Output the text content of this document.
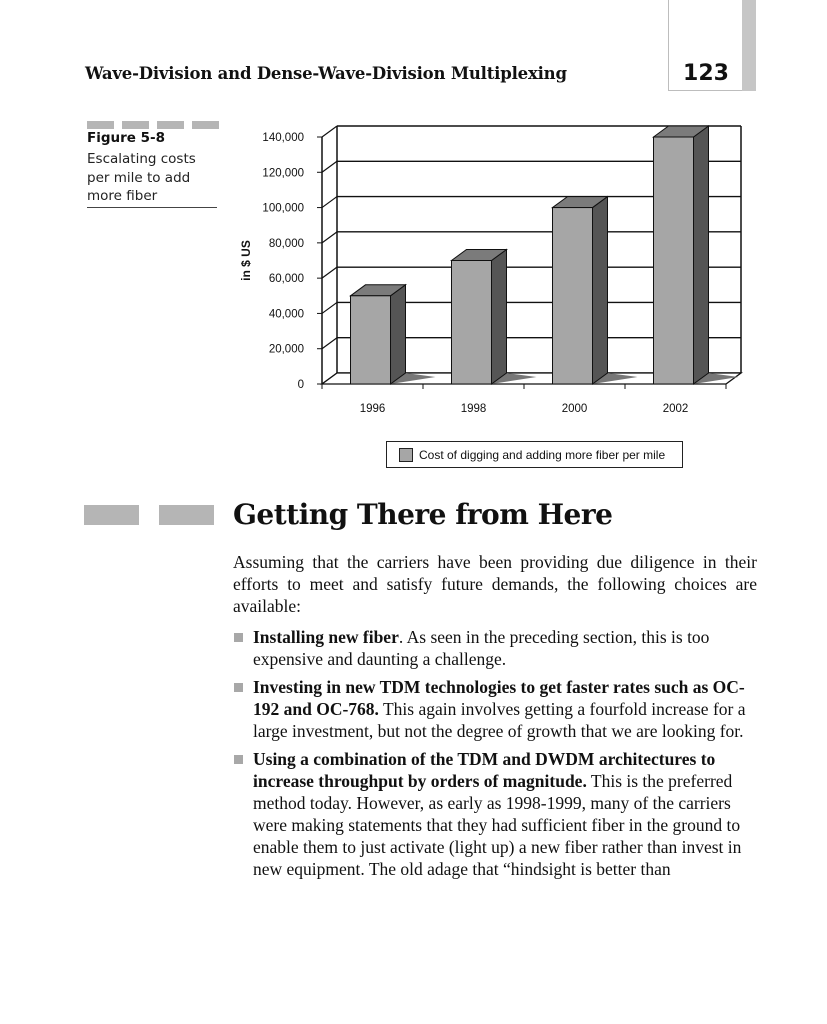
Wave-Division and Dense-Wave-Division Multiplexing	123
Figure 5-8
Escalating costs per mile to add more fiber
0
20,000
40,000
60,000
80,000
100,000
120,000
140,000
in $ US
1996	1998	2000	2002
Cost of digging and adding more fiber per mile
Getting There from Here

Assuming that the carriers have been providing due diligence in their efforts to meet and satisfy future demands, the following choices are available:

Installing new fiber. As seen in the preceding section, this is too expensive and daunting a challenge.
Investing in new TDM technologies to get faster rates such as OC-192 and OC-768. This again involves getting a fourfold increase for a large investment, but not the degree of growth that we are looking for.
Using a combination of the TDM and DWDM architectures to increase throughput by orders of magnitude. This is the preferred method today. However, as early as 1998-1999, many of the carriers were making statements that they had sufficient fiber in the ground to enable them to just activate (light up) a new fiber rather than invest in new equipment. The old adage that “hindsight is better than
